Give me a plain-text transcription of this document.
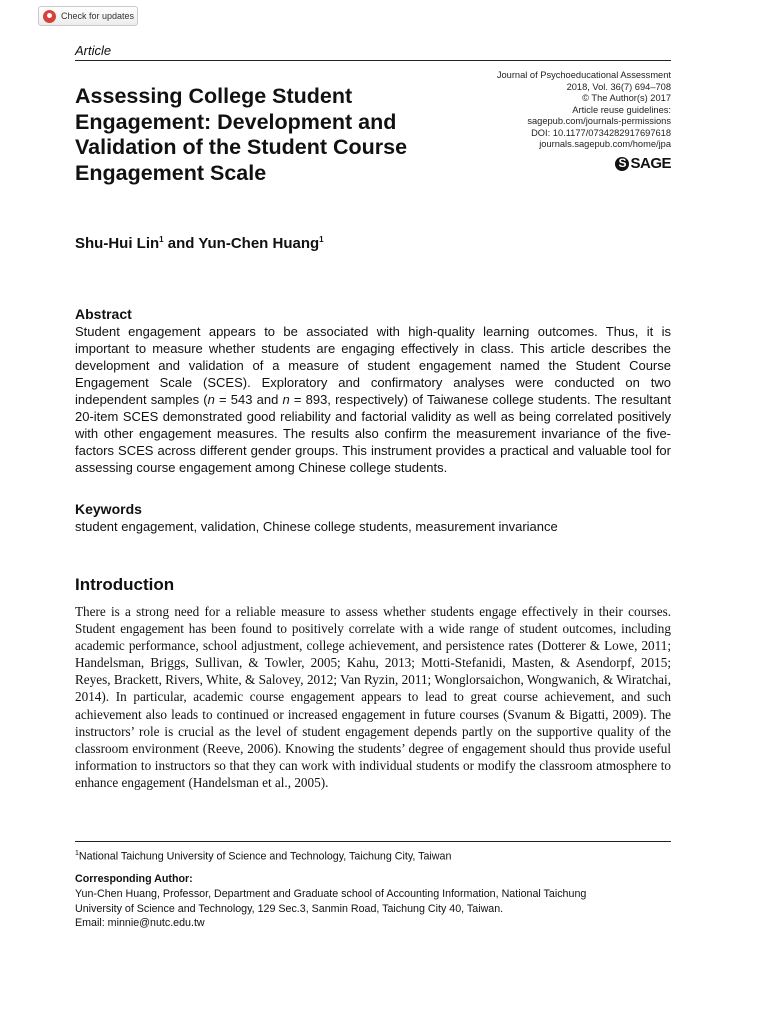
Check for updates
Article
Assessing College Student Engagement: Development and Validation of the Student Course Engagement Scale
Journal of Psychoeducational Assessment
2018, Vol. 36(7) 694–708
© The Author(s) 2017
Article reuse guidelines:
sagepub.com/journals-permissions
DOI: 10.1177/0734282917697618
journals.sagepub.com/home/jpa
S
SAGE
Shu-Hui Lin$^1$ and Yun-Chen Huang$^1$
Abstract

Student engagement appears to be associated with high-quality learning outcomes. Thus, it is important to measure whether students are engaging effectively in class. This article describes the development and validation of a measure of student engagement named the Student Course Engagement Scale (SCES). Exploratory and confirmatory analyses were conducted on two independent samples (n = 543 and n = 893, respectively) of Taiwanese college students. The resultant 20-item SCES demonstrated good reliability and factorial validity as well as being correlated positively with other engagement measures. The results also confirm the measurement invariance of the five-factors SCES across different gender groups. This instrument provides a practical and valuable tool for assessing course engagement among Chinese college students.

Keywords
student engagement, validation, Chinese college students, measurement invariance
Introduction

There is a strong need for a reliable measure to assess whether students engage effectively in their courses. Student engagement has been found to positively correlate with a wide range of student outcomes, including academic performance, school adjustment, college achievement, and persistence rates (Dotterer & Lowe, 2011; Handelsman, Briggs, Sullivan, & Towler, 2005; Kahu, 2013; Motti-Stefanidi, Masten, & Asendorpf, 2015; Reyes, Brackett, Rivers, White, & Salovey, 2012; Van Ryzin, 2011; Wonglorsaichon, Wongwanich, & Wiratchai, 2014). In particular, academic course engagement appears to lead to great course achievement, and such achievement also leads to continued or increased engagement in future courses (Svanum & Bigatti, 2009). The instructors’ role is crucial as the level of student engagement depends partly on the supportive quality of the classroom environment (Reeve, 2006). Knowing the students’ degree of engagement should thus provide useful information to instructors so that they can work with individual students or modify the classroom atmosphere to enhance engagement (Handelsman et al., 2005).

$^1$National Taichung University of Science and Technology, Taichung City, Taiwan
Corresponding Author:
Yun-Chen Huang, Professor, Department and Graduate school of Accounting Information, National Taichung
University of Science and Technology, 129 Sec.3, Sanmin Road, Taichung City 40, Taiwan.
Email: minnie@nutc.edu.tw
